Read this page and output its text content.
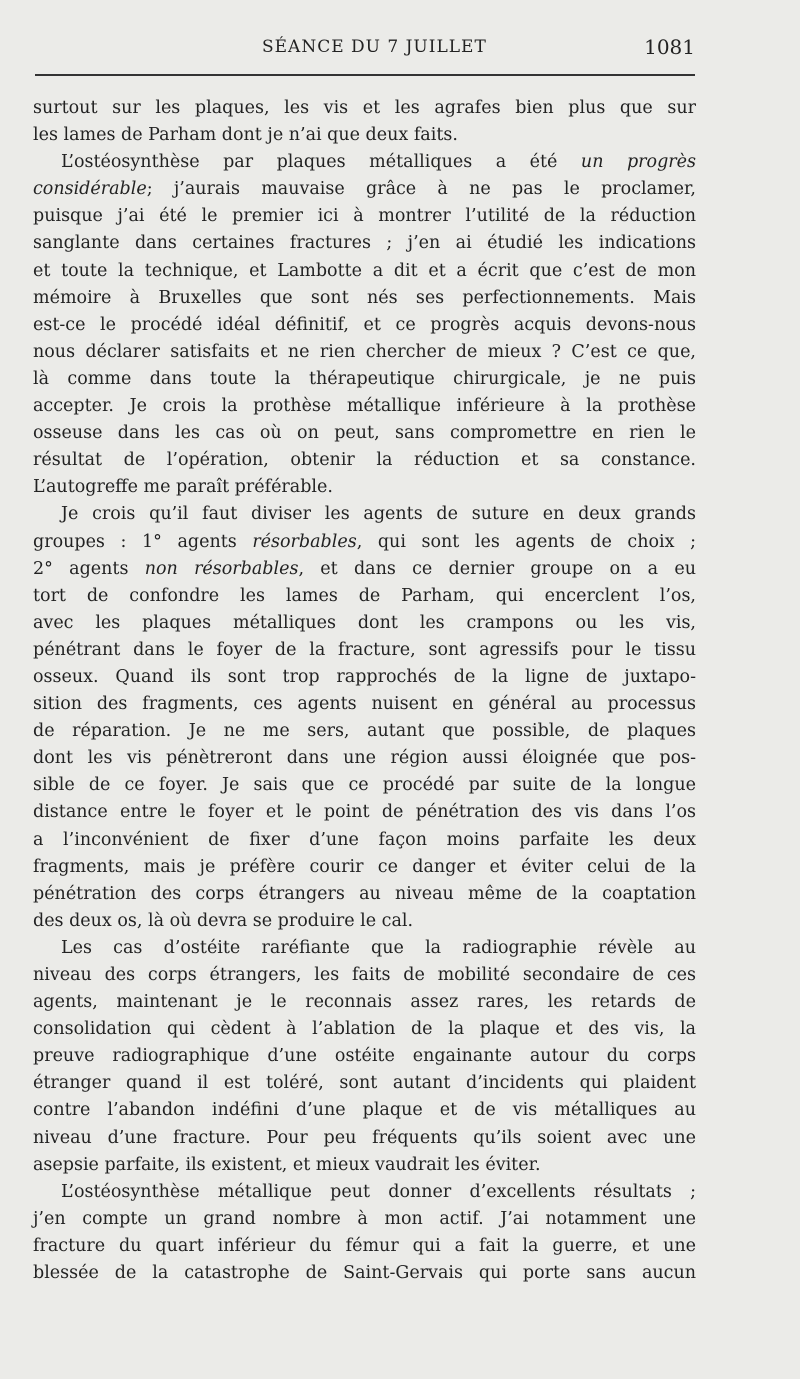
SÉANCE DU 7 JUILLET	1081
surtout sur les plaques, les vis et les agrafes bien plus que sur
les lames de Parham dont je n’ai que deux faits.
L’ostéosynthèse par plaques métalliques a été un progrès
considérable; j’aurais mauvaise grâce à ne pas le proclamer,
puisque j’ai été le premier ici à montrer l’utilité de la réduction
sanglante dans certaines fractures ; j’en ai étudié les indications
et toute la technique, et Lambotte a dit et a écrit que c’est de mon
mémoire à Bruxelles que sont nés ses perfectionnements. Mais
est-ce le procédé idéal définitif, et ce progrès acquis devons-nous
nous déclarer satisfaits et ne rien chercher de mieux ? C’est ce que,
là comme dans toute la thérapeutique chirurgicale, je ne puis
accepter. Je crois la prothèse métallique inférieure à la prothèse
osseuse dans les cas où on peut, sans compromettre en rien le
résultat de l’opération, obtenir la réduction et sa constance.
L’autogreffe me paraît préférable.
Je crois qu’il faut diviser les agents de suture en deux grands
groupes : 1° agents résorbables, qui sont les agents de choix ;
2° agents non résorbables, et dans ce dernier groupe on a eu
tort de confondre les lames de Parham, qui encerclent l’os,
avec les plaques métalliques dont les crampons ou les vis,
pénétrant dans le foyer de la fracture, sont agressifs pour le tissu
osseux. Quand ils sont trop rapprochés de la ligne de juxtapo-
sition des fragments, ces agents nuisent en général au processus
de réparation. Je ne me sers, autant que possible, de plaques
dont les vis pénètreront dans une région aussi éloignée que pos-
sible de ce foyer. Je sais que ce procédé par suite de la longue
distance entre le foyer et le point de pénétration des vis dans l’os
a l’inconvénient de fixer d’une façon moins parfaite les deux
fragments, mais je préfère courir ce danger et éviter celui de la
pénétration des corps étrangers au niveau même de la coaptation
des deux os, là où devra se produire le cal.
Les cas d’ostéite raréfiante que la radiographie révèle au
niveau des corps étrangers, les faits de mobilité secondaire de ces
agents, maintenant je le reconnais assez rares, les retards de
consolidation qui cèdent à l’ablation de la plaque et des vis, la
preuve radiographique d’une ostéite engainante autour du corps
étranger quand il est toléré, sont autant d’incidents qui plaident
contre l’abandon indéfini d’une plaque et de vis métalliques au
niveau d’une fracture. Pour peu fréquents qu’ils soient avec une
asepsie parfaite, ils existent, et mieux vaudrait les éviter.
L’ostéosynthèse métallique peut donner d’excellents résultats ;
j’en compte un grand nombre à mon actif. J’ai notamment une
fracture du quart inférieur du fémur qui a fait la guerre, et une
blessée de la catastrophe de Saint-Gervais qui porte sans aucun
